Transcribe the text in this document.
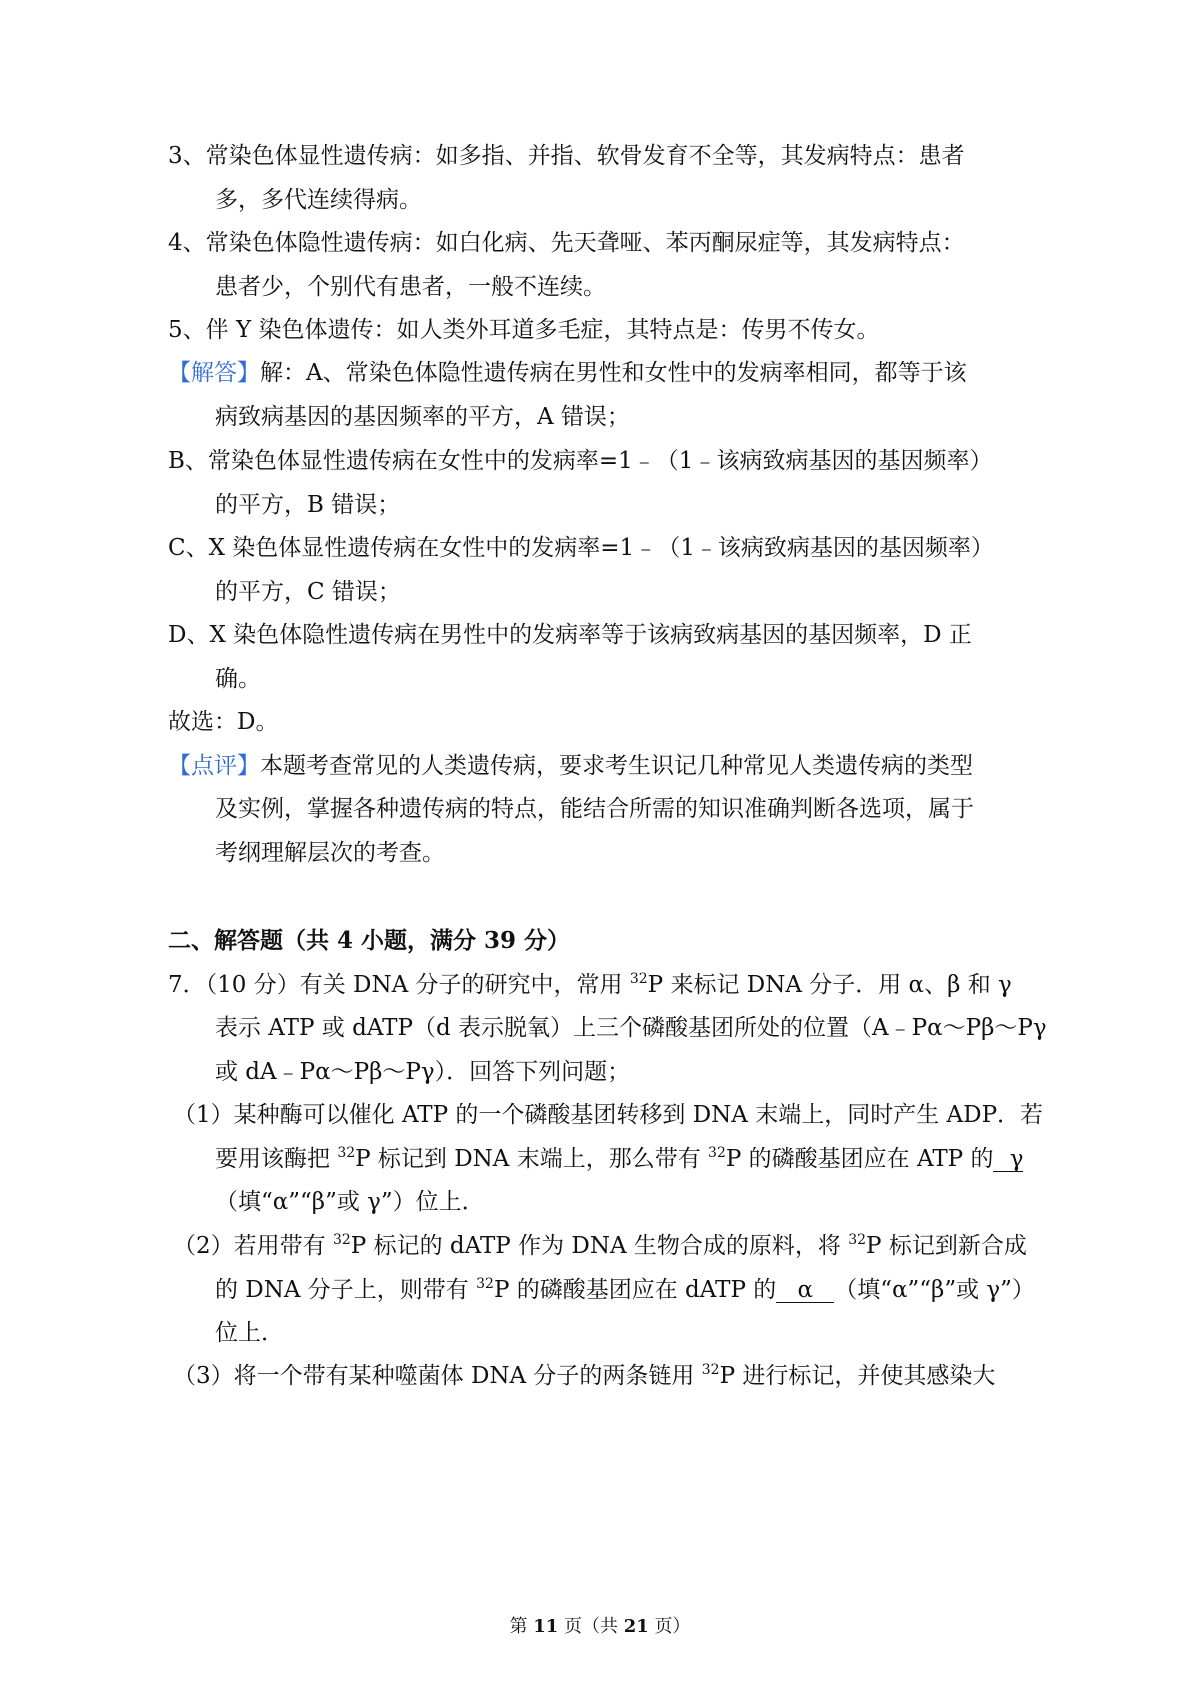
3、常染色体显性遗传病：如多指、并指、软骨发育不全等，其发病特点：患者
多，多代连续得病。
4、常染色体隐性遗传病：如白化病、先天聋哑、苯丙酮尿症等，其发病特点：
患者少，个别代有患者，一般不连续。
5、伴 Y 染色体遗传：如人类外耳道多毛症，其特点是：传男不传女。
【解答】解：A、常染色体隐性遗传病在男性和女性中的发病率相同，都等于该
病致病基因的基因频率的平方，A 错误；
B、常染色体显性遗传病在女性中的发病率=1﹣（1﹣该病致病基因的基因频率）
的平方，B 错误；
C、X 染色体显性遗传病在女性中的发病率=1﹣（1﹣该病致病基因的基因频率）
的平方，C 错误；
D、X 染色体隐性遗传病在男性中的发病率等于该病致病基因的基因频率，D 正
确。
故选：D。
【点评】本题考查常见的人类遗传病，要求考生识记几种常见人类遗传病的类型
及实例，掌握各种遗传病的特点，能结合所需的知识准确判断各选项，属于
考纲理解层次的考查。
二、解答题（共 4 小题，满分 39 分）
7．（10 分）有关 DNA 分子的研究中，常用 $^{32}$P 来标记 DNA 分子．用 α、β 和 γ
表示 ATP 或 dATP（d 表示脱氧）上三个磷酸基团所处的位置（A﹣Pα～Pβ～Pγ
或 dA﹣Pα～Pβ～Pγ）．回答下列问题；
（1）某种酶可以催化 ATP 的一个磷酸基团转移到 DNA 末端上，同时产生 ADP．若
要用该酶把 $^{32}$P 标记到 DNA 末端上，那么带有 $^{32}$P 的磷酸基团应在 ATP 的 γ
（填“α”“β”或 γ”）位上．
（2）若用带有 $^{32}$P 标记的 dATP 作为 DNA 生物合成的原料，将 $^{32}$P 标记到新合成
的 DNA 分子上，则带有 $^{32}$P 的磷酸基团应在 dATP 的 α （填“α”“β”或 γ”）
位上．
（3）将一个带有某种噬菌体 DNA 分子的两条链用 $^{32}$P 进行标记，并使其感染大
第 11 页（共 21 页）
